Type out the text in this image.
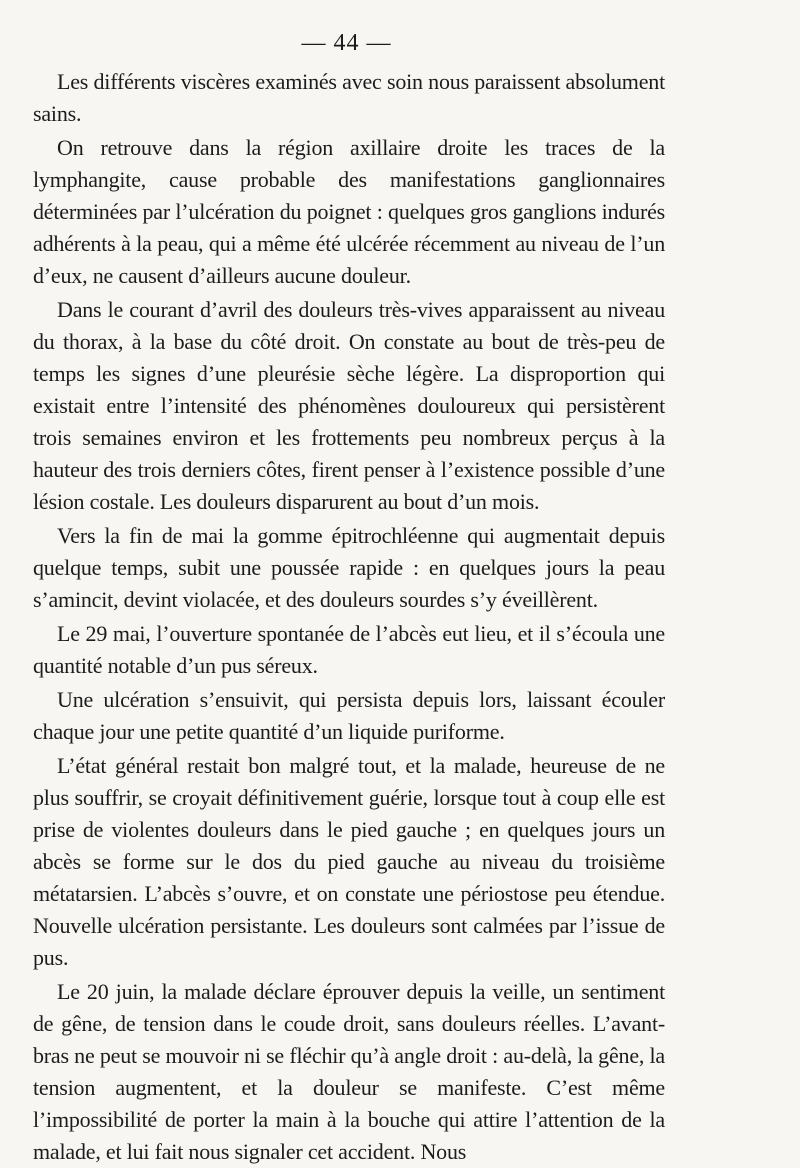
— 44 —

Les différents viscères examinés avec soin nous paraissent absolument sains.

On retrouve dans la région axillaire droite les traces de la lymphangite, cause probable des manifestations ganglionnaires déterminées par l’ulcération du poignet : quelques gros ganglions indurés adhérents à la peau, qui a même été ulcérée récemment au niveau de l’un d’eux, ne causent d’ailleurs aucune douleur.

Dans le courant d’avril des douleurs très-vives apparaissent au niveau du thorax, à la base du côté droit. On constate au bout de très-peu de temps les signes d’une pleurésie sèche légère. La disproportion qui existait entre l’intensité des phénomènes douloureux qui persistèrent trois semaines environ et les frottements peu nombreux perçus à la hauteur des trois derniers côtes, firent penser à l’existence possible d’une lésion costale. Les douleurs disparurent au bout d’un mois.

Vers la fin de mai la gomme épitrochléenne qui augmentait depuis quelque temps, subit une poussée rapide : en quelques jours la peau s’amincit, devint violacée, et des douleurs sourdes s’y éveillèrent.

Le 29 mai, l’ouverture spontanée de l’abcès eut lieu, et il s’écoula une quantité notable d’un pus séreux.

Une ulcération s’ensuivit, qui persista depuis lors, laissant écouler chaque jour une petite quantité d’un liquide puriforme.

L’état général restait bon malgré tout, et la malade, heureuse de ne plus souffrir, se croyait définitivement guérie, lorsque tout à coup elle est prise de violentes douleurs dans le pied gauche ; en quelques jours un abcès se forme sur le dos du pied gauche au niveau du troisième métatarsien. L’abcès s’ouvre, et on constate une périostose peu étendue. Nouvelle ulcération persistante. Les douleurs sont calmées par l’issue de pus.

Le 20 juin, la malade déclare éprouver depuis la veille, un sentiment de gêne, de tension dans le coude droit, sans douleurs réelles. L’avant-bras ne peut se mouvoir ni se fléchir qu’à angle droit : au-delà, la gêne, la tension augmentent, et la douleur se manifeste. C’est même l’impossibilité de porter la main à la bouche qui attire l’attention de la malade, et lui fait nous signaler cet accident. Nous
